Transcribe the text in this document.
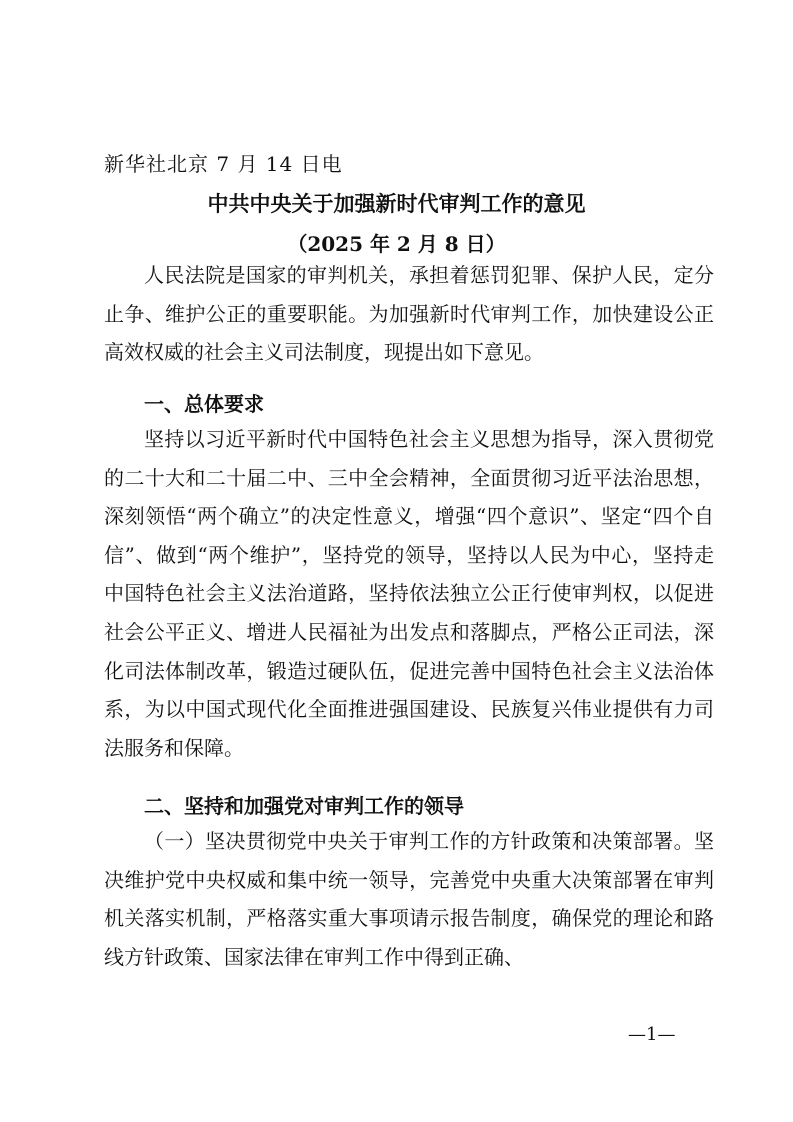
新华社北京 7 月 14 日电
中共中央关于加强新时代审判工作的意见
（2025 年 2 月 8 日）

人民法院是国家的审判机关，承担着惩罚犯罪、保护人民，定分止争、维护公正的重要职能。为加强新时代审判工作，加快建设公正高效权威的社会主义司法制度，现提出如下意见。

一、总体要求

坚持以习近平新时代中国特色社会主义思想为指导，深入贯彻党的二十大和二十届二中、三中全会精神，全面贯彻习近平法治思想，深刻领悟“两个确立”的决定性意义，增强“四个意识”、坚定“四个自信”、做到“两个维护”，坚持党的领导，坚持以人民为中心，坚持走中国特色社会主义法治道路，坚持依法独立公正行使审判权，以促进社会公平正义、增进人民福祉为出发点和落脚点，严格公正司法，深化司法体制改革，锻造过硬队伍，促进完善中国特色社会主义法治体系，为以中国式现代化全面推进强国建设、民族复兴伟业提供有力司法服务和保障。

二、坚持和加强党对审判工作的领导

（一）坚决贯彻党中央关于审判工作的方针政策和决策部署。坚决维护党中央权威和集中统一领导，完善党中央重大决策部署在审判机关落实机制，严格落实重大事项请示报告制度，确保党的理论和路线方针政策、国家法律在审判工作中得到正确、

—1—
